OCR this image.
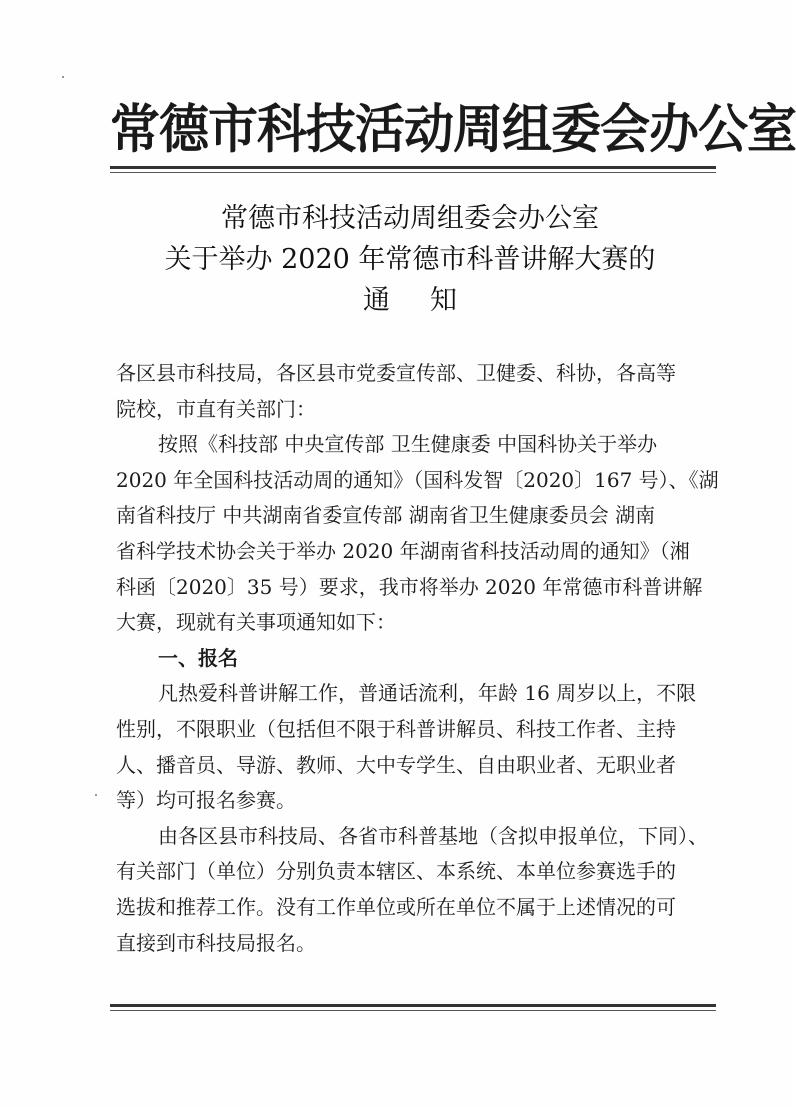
常德市科技活动周组委会办公室
常德市科技活动周组委会办公室
关于举办 2020 年常德市科普讲解大赛的
通知
各区县市科技局，各区县市党委宣传部、卫健委、科协，各高等
院校，市直有关部门：
按照《科技部 中央宣传部 卫生健康委 中国科协关于举办
2020 年全国科技活动周的通知》（国科发智〔2020〕167 号）、《湖
南省科技厅 中共湖南省委宣传部 湖南省卫生健康委员会 湖南
省科学技术协会关于举办 2020 年湖南省科技活动周的通知》（湘
科函〔2020〕35 号）要求，我市将举办 2020 年常德市科普讲解
大赛，现就有关事项通知如下：
一、报名
凡热爱科普讲解工作，普通话流利，年龄 16 周岁以上，不限
性别，不限职业（包括但不限于科普讲解员、科技工作者、主持
人、播音员、导游、教师、大中专学生、自由职业者、无职业者
等）均可报名参赛。
由各区县市科技局、各省市科普基地（含拟申报单位，下同）、
有关部门（单位）分别负责本辖区、本系统、本单位参赛选手的
选拔和推荐工作。没有工作单位或所在单位不属于上述情况的可
直接到市科技局报名。
